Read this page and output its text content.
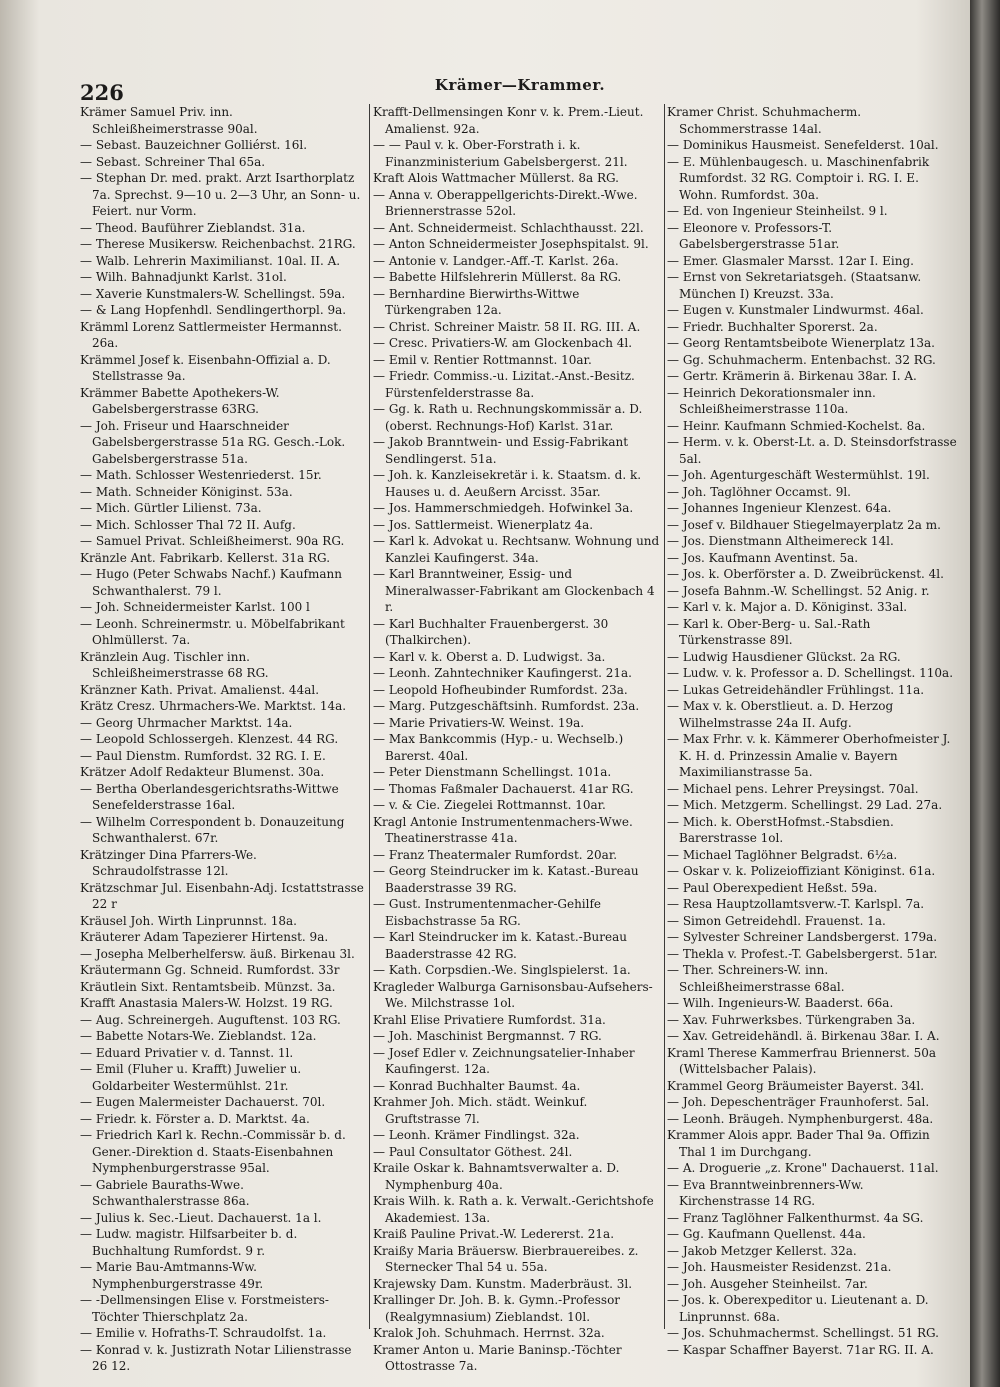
226	Krämer—Krammer.
Krämer Samuel Priv. inn. Schleißheimerstrasse 90al.
— Sebast. Bauzeichner Golliérst. 16l.
— Sebast. Schreiner Thal 65a.
— Stephan Dr. med. prakt. Arzt Isarthorplatz 7a. Sprechst. 9—10 u. 2—3 Uhr, an Sonn- u. Feiert. nur Vorm.
— Theod. Bauführer Zieblandst. 31a.
— Therese Musikersw. Reichenbachst. 21RG.
— Walb. Lehrerin Maximilianst. 10al. II. A.
— Wilh. Bahnadjunkt Karlst. 31ol.
— Xaverie Kunstmalers-W. Schellingst. 59a.
— & Lang Hopfenhdl. Sendlingerthorpl. 9a.
Krämml Lorenz Sattlermeister Hermannst. 26a.
Krämmel Josef k. Eisenbahn-Offizial a. D. Stellstrasse 9a.
Krämmer Babette Apothekers-W. Gabelsbergerstrasse 63RG.
— Joh. Friseur und Haarschneider Gabelsbergerstrasse 51a RG. Gesch.-Lok. Gabelsbergerstrasse 51a.
— Math. Schlosser Westenriederst. 15r.
— Math. Schneider Königinst. 53a.
— Mich. Gürtler Lilienst. 73a.
— Mich. Schlosser Thal 72 II. Aufg.
— Samuel Privat. Schleißheimerst. 90a RG.
Kränzle Ant. Fabrikarb. Kellerst. 31a RG.
— Hugo (Peter Schwabs Nachf.) Kaufmann Schwanthalerst. 79 l.
— Joh. Schneidermeister Karlst. 100 l
— Leonh. Schreinermstr. u. Möbelfabrikant Ohlmüllerst. 7a.
Kränzlein Aug. Tischler inn. Schleißheimerstrasse 68 RG.
Kränzner Kath. Privat. Amalienst. 44al.
Krätz Cresz. Uhrmachers-We. Marktst. 14a.
— Georg Uhrmacher Marktst. 14a.
— Leopold Schlossergeh. Klenzest. 44 RG.
— Paul Dienstm. Rumfordst. 32 RG. I. E.
Krätzer Adolf Redakteur Blumenst. 30a.
— Bertha Oberlandesgerichtsraths-Wittwe Senefelderstrasse 16al.
— Wilhelm Correspondent b. Donauzeitung Schwanthalerst. 67r.
Krätzinger Dina Pfarrers-We. Schraudolfstrasse 12l.
Krätzschmar Jul. Eisenbahn-Adj. Icstattstrasse 22 r
Kräusel Joh. Wirth Linprunnst. 18a.
Kräuterer Adam Tapezierer Hirtenst. 9a.
— Josepha Melberhelfersw. äuß. Birkenau 3l.
Kräutermann Gg. Schneid. Rumfordst. 33r
Kräutlein Sixt. Rentamtsbeib. Münzst. 3a.
Krafft Anastasia Malers-W. Holzst. 19 RG.
— Aug. Schreinergeh. Auguftenst. 103 RG.
— Babette Notars-We. Zieblandst. 12a.
— Eduard Privatier v. d. Tannst. 1l.
— Emil (Fluher u. Krafft) Juwelier u. Goldarbeiter Westermühlst. 21r.
— Eugen Malermeister Dachauerst. 70l.
— Friedr. k. Förster a. D. Marktst. 4a.
— Friedrich Karl k. Rechn.-Commissär b. d. Gener.-Direktion d. Staats-Eisenbahnen Nymphenburgerstrasse 95al.
— Gabriele Bauraths-Wwe. Schwanthalerstrasse 86a.
— Julius k. Sec.-Lieut. Dachauerst. 1a l.
— Ludw. magistr. Hilfsarbeiter b. d. Buchhaltung Rumfordst. 9 r.
— Marie Bau-Amtmanns-Ww. Nymphenburgerstrasse 49r.
— -Dellmensingen Elise v. Forstmeisters-Töchter Thierschplatz 2a.
— Emilie v. Hofraths-T. Schraudolfst. 1a.
— Konrad v. k. Justizrath Notar Lilienstrasse 26 12.
Krafft-Dellmensingen Konr v. k. Prem.-Lieut. Amalienst. 92a.
— — Paul v. k. Ober-Forstrath i. k. Finanzministerium Gabelsbergerst. 21l.
Kraft Alois Wattmacher Müllerst. 8a RG.
— Anna v. Oberappellgerichts-Direkt.-Wwe. Briennerstrasse 52ol.
— Ant. Schneidermeist. Schlachthausst. 22l.
— Anton Schneidermeister Josephspitalst. 9l.
— Antonie v. Landger.-Aff.-T. Karlst. 26a.
— Babette Hilfslehrerin Müllerst. 8a RG.
— Bernhardine Bierwirths-Wittwe Türkengraben 12a.
— Christ. Schreiner Maistr. 58 II. RG. III. A.
— Cresc. Privatiers-W. am Glockenbach 4l.
— Emil v. Rentier Rottmannst. 10ar.
— Friedr. Commiss.-u. Lizitat.-Anst.-Besitz. Fürstenfelderstrasse 8a.
— Gg. k. Rath u. Rechnungskommissär a. D. (oberst. Rechnungs-Hof) Karlst. 31ar.
— Jakob Branntwein- und Essig-Fabrikant Sendlingerst. 51a.
— Joh. k. Kanzleisekretär i. k. Staatsm. d. k. Hauses u. d. Aeußern Arcisst. 35ar.
— Jos. Hammerschmiedgeh. Hofwinkel 3a.
— Jos. Sattlermeist. Wienerplatz 4a.
— Karl k. Advokat u. Rechtsanw. Wohnung und Kanzlei Kaufingerst. 34a.
— Karl Branntweiner, Essig- und Mineralwasser-Fabrikant am Glockenbach 4 r.
— Karl Buchhalter Frauenbergerst. 30 (Thalkirchen).
— Karl v. k. Oberst a. D. Ludwigst. 3a.
— Leonh. Zahntechniker Kaufingerst. 21a.
— Leopold Hofheubinder Rumfordst. 23a.
— Marg. Putzgeschäftsinh. Rumfordst. 23a.
— Marie Privatiers-W. Weinst. 19a.
— Max Bankcommis (Hyp.- u. Wechselb.) Barerst. 40al.
— Peter Dienstmann Schellingst. 101a.
— Thomas Faßmaler Dachauerst. 41ar RG.
— v. & Cie. Ziegelei Rottmannst. 10ar.
Kragl Antonie Instrumentenmachers-Wwe. Theatinerstrasse 41a.
— Franz Theatermaler Rumfordst. 20ar.
— Georg Steindrucker im k. Katast.-Bureau Baaderstrasse 39 RG.
— Gust. Instrumentenmacher-Gehilfe Eisbachstrasse 5a RG.
— Karl Steindrucker im k. Katast.-Bureau Baaderstrasse 42 RG.
— Kath. Corpsdien.-We. Singlspielerst. 1a.
Kragleder Walburga Garnisonsbau-Aufsehers-We. Milchstrasse 1ol.
Krahl Elise Privatiere Rumfordst. 31a.
— Joh. Maschinist Bergmannst. 7 RG.
— Josef Edler v. Zeichnungsatelier-Inhaber Kaufingerst. 12a.
— Konrad Buchhalter Baumst. 4a.
Krahmer Joh. Mich. städt. Weinkuf. Gruftstrasse 7l.
— Leonh. Krämer Findlingst. 32a.
— Paul Consultator Göthest. 24l.
Kraile Oskar k. Bahnamtsverwalter a. D. Nymphenburg 40a.
Krais Wilh. k. Rath a. k. Verwalt.-Gerichtshofe Akademiest. 13a.
Kraiß Pauline Privat.-W. Ledererst. 21a.
Kraißy Maria Bräuersw. Bierbrauereibes. z. Sternecker Thal 54 u. 55a.
Krajewsky Dam. Kunstm. Maderbräust. 3l.
Krallinger Dr. Joh. B. k. Gymn.-Professor (Realgymnasium) Zieblandst. 10l.
Kralok Joh. Schuhmach. Herrnst. 32a.
Kramer Anton u. Marie Baninsp.-Töchter Ottostrasse 7a.
Kramer Christ. Schuhmacherm. Schommerstrasse 14al.
— Dominikus Hausmeist. Senefelderst. 10al.
— E. Mühlenbaugesch. u. Maschinenfabrik Rumfordst. 32 RG. Comptoir i. RG. I. E. Wohn. Rumfordst. 30a.
— Ed. von Ingenieur Steinheilst. 9 l.
— Eleonore v. Professors-T. Gabelsbergerstrasse 51ar.
— Emer. Glasmaler Marsst. 12ar I. Eing.
— Ernst von Sekretariatsgeh. (Staatsanw. München I) Kreuzst. 33a.
— Eugen v. Kunstmaler Lindwurmst. 46al.
— Friedr. Buchhalter Sporerst. 2a.
— Georg Rentamtsbeibote Wienerplatz 13a.
— Gg. Schuhmacherm. Entenbachst. 32 RG.
— Gertr. Krämerin ä. Birkenau 38ar. I. A.
— Heinrich Dekorationsmaler inn. Schleißheimerstrasse 110a.
— Heinr. Kaufmann Schmied-Kochelst. 8a.
— Herm. v. k. Oberst-Lt. a. D. Steinsdorfstrasse 5al.
— Joh. Agenturgeschäft Westermühlst. 19l.
— Joh. Taglöhner Occamst. 9l.
— Johannes Ingenieur Klenzest. 64a.
— Josef v. Bildhauer Stiegelmayerplatz 2a m.
— Jos. Dienstmann Altheimereck 14l.
— Jos. Kaufmann Aventinst. 5a.
— Jos. k. Oberförster a. D. Zweibrückenst. 4l.
— Josefa Bahnm.-W. Schellingst. 52 Anig. r.
— Karl v. k. Major a. D. Königinst. 33al.
— Karl k. Ober-Berg- u. Sal.-Rath Türkenstrasse 89l.
— Ludwig Hausdiener Glückst. 2a RG.
— Ludw. v. k. Professor a. D. Schellingst. 110a.
— Lukas Getreidehändler Frühlingst. 11a.
— Max v. k. Oberstlieut. a. D. Herzog Wilhelmstrasse 24a II. Aufg.
— Max Frhr. v. k. Kämmerer Oberhofmeister J. K. H. d. Prinzessin Amalie v. Bayern Maximilianstrasse 5a.
— Michael pens. Lehrer Preysingst. 70al.
— Mich. Metzgerm. Schellingst. 29 Lad. 27a.
— Mich. k. OberstHofmst.-Stabsdien. Barerstrasse 1ol.
— Michael Taglöhner Belgradst. 6½a.
— Oskar v. k. Polizeioffiziant Königinst. 61a.
— Paul Oberexpedient Heßst. 59a.
— Resa Hauptzollamtsverw.-T. Karlspl. 7a.
— Simon Getreidehdl. Frauenst. 1a.
— Sylvester Schreiner Landsbergerst. 179a.
— Thekla v. Profest.-T. Gabelsbergerst. 51ar.
— Ther. Schreiners-W. inn. Schleißheimerstrasse 68al.
— Wilh. Ingenieurs-W. Baaderst. 66a.
— Xav. Fuhrwerksbes. Türkengraben 3a.
— Xav. Getreidehändl. ä. Birkenau 38ar. I. A.
Kraml Therese Kammerfrau Briennerst. 50a (Wittelsbacher Palais).
Krammel Georg Bräumeister Bayerst. 34l.
— Joh. Depeschenträger Fraunhoferst. 5al.
— Leonh. Bräugeh. Nymphenburgerst. 48a.
Krammer Alois appr. Bader Thal 9a. Offizin Thal 1 im Durchgang.
— A. Droguerie „z. Krone" Dachauerst. 11al.
— Eva Branntweinbrenners-Ww. Kirchenstrasse 14 RG.
— Franz Taglöhner Falkenthurmst. 4a SG.
— Gg. Kaufmann Quellenst. 44a.
— Jakob Metzger Kellerst. 32a.
— Joh. Hausmeister Residenzst. 21a.
— Joh. Ausgeher Steinheilst. 7ar.
— Jos. k. Oberexpeditor u. Lieutenant a. D. Linprunnst. 68a.
— Jos. Schuhmachermst. Schellingst. 51 RG.
— Kaspar Schaffner Bayerst. 71ar RG. II. A.
